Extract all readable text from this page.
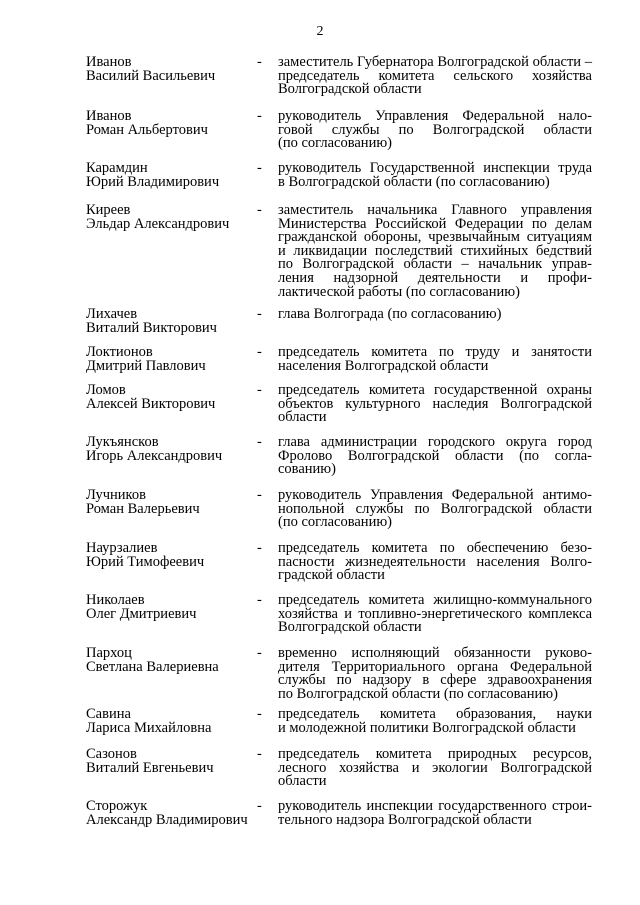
2
Иванов
Василий Васильевич
- заместитель Губернатора Волгоградской области –
председатель комитета сельского хозяйства
Волгоградской области
Иванов
Роман Альбертович
- руководитель Управления Федеральной нало-
говой службы по Волгоградской области
(по согласованию)
Карамдин
Юрий Владимирович
- руководитель Государственной инспекции труда
в Волгоградской области (по согласованию)
Киреев
Эльдар Александрович
- заместитель начальника Главного управления
Министерства Российской Федерации по делам
гражданской обороны, чрезвычайным ситуациям
и ликвидации последствий стихийных бедствий
по Волгоградской области – начальник управ-
ления надзорной деятельности и профи-
лактической работы (по согласованию)
Лихачев
Виталий Викторович
- глава Волгограда (по согласованию)
Локтионов
Дмитрий Павлович
- председатель комитета по труду и занятости
населения Волгоградской области
Ломов
Алексей Викторович
- председатель комитета государственной охраны
объектов культурного наследия Волгоградской
области
Лукъянсков
Игорь Александрович
- глава администрации городского округа город
Фролово Волгоградской области (по согла-
сованию)
Лучников
Роман Валерьевич
- руководитель Управления Федеральной антимо-
нопольной службы по Волгоградской области
(по согласованию)
Наурзалиев
Юрий Тимофеевич
- председатель комитета по обеспечению безо-
пасности жизнедеятельности населения Волго-
градской области
Николаев
Олег Дмитриевич
- председатель комитета жилищно-коммунального
хозяйства и топливно-энергетического комплекса
Волгоградской области
Пархоц
Светлана Валериевна
- временно исполняющий обязанности руково-
дителя Территориального органа Федеральной
службы по надзору в сфере здравоохранения
по Волгоградской области (по согласованию)
Савина
Лариса Михайловна
- председатель комитета образования, науки
и молодежной политики Волгоградской области
Сазонов
Виталий Евгеньевич
- председатель комитета природных ресурсов,
лесного хозяйства и экологии Волгоградской
области
Сторожук
Александр Владимирович
- руководитель инспекции государственного строи-
тельного надзора Волгоградской области
